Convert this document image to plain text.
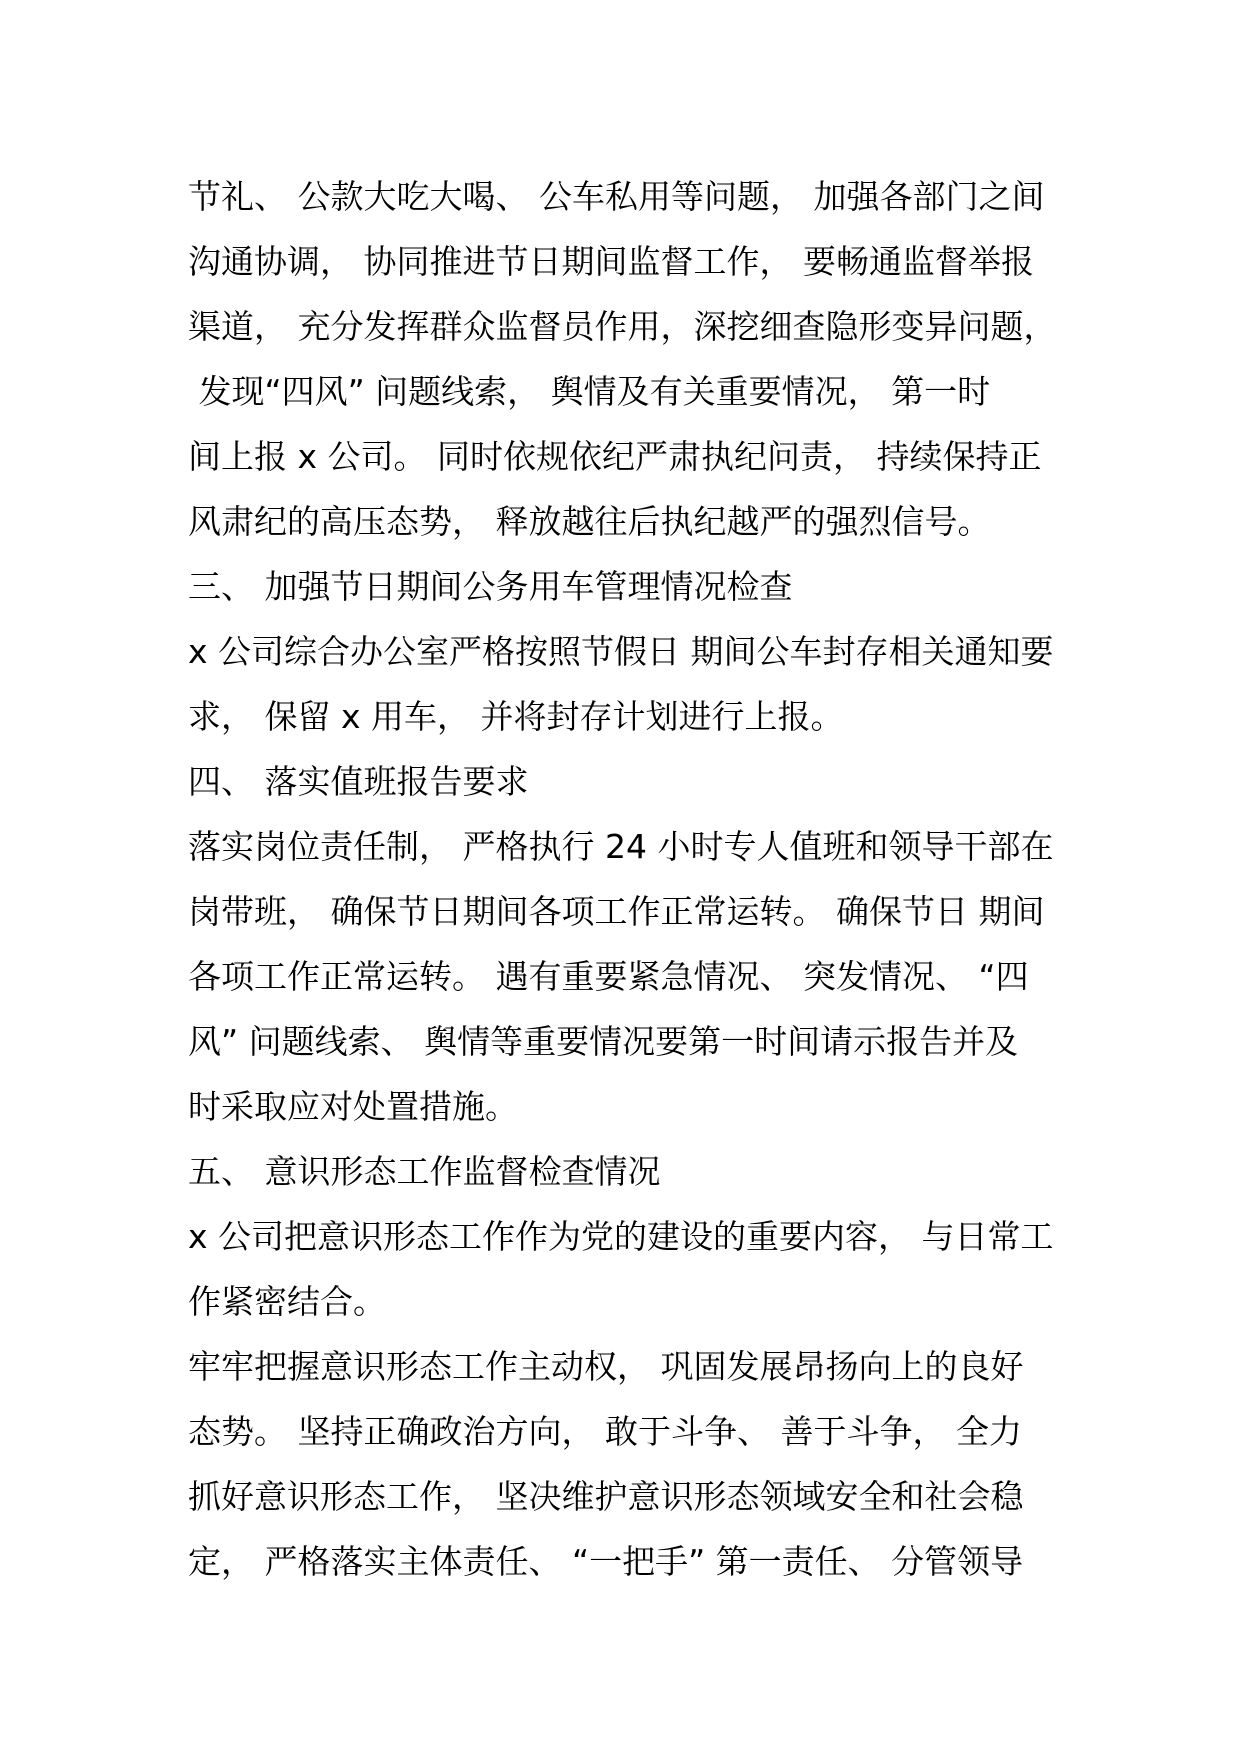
节礼、 公款大吃大喝、 公车私用等问题， 加强各部门之间
沟通协调， 协同推进节日期间监督工作， 要畅通监督举报
渠道， 充分发挥群众监督员作用，深挖细查隐形变异问题，
发现“四风” 问题线索， 舆情及有关重要情况， 第一时
间上报 x 公司。 同时依规依纪严肃执纪问责， 持续保持正
风肃纪的高压态势， 释放越往后执纪越严的强烈信号。
三、 加强节日期间公务用车管理情况检查
x 公司综合办公室严格按照节假日 期间公车封存相关通知要
求， 保留 x 用车， 并将封存计划进行上报。
四、 落实值班报告要求
落实岗位责任制， 严格执行 24 小时专人值班和领导干部在
岗带班， 确保节日期间各项工作正常运转。 确保节日 期间
各项工作正常运转。 遇有重要紧急情况、 突发情况、 “四
风” 问题线索、 舆情等重要情况要第一时间请示报告并及
时采取应对处置措施。
五、 意识形态工作监督检查情况
x 公司把意识形态工作作为党的建设的重要内容， 与日常工
作紧密结合。
牢牢把握意识形态工作主动权， 巩固发展昂扬向上的良好
态势。 坚持正确政治方向， 敢于斗争、 善于斗争， 全力
抓好意识形态工作， 坚决维护意识形态领域安全和社会稳
定， 严格落实主体责任、 “一把手” 第一责任、 分管领导
